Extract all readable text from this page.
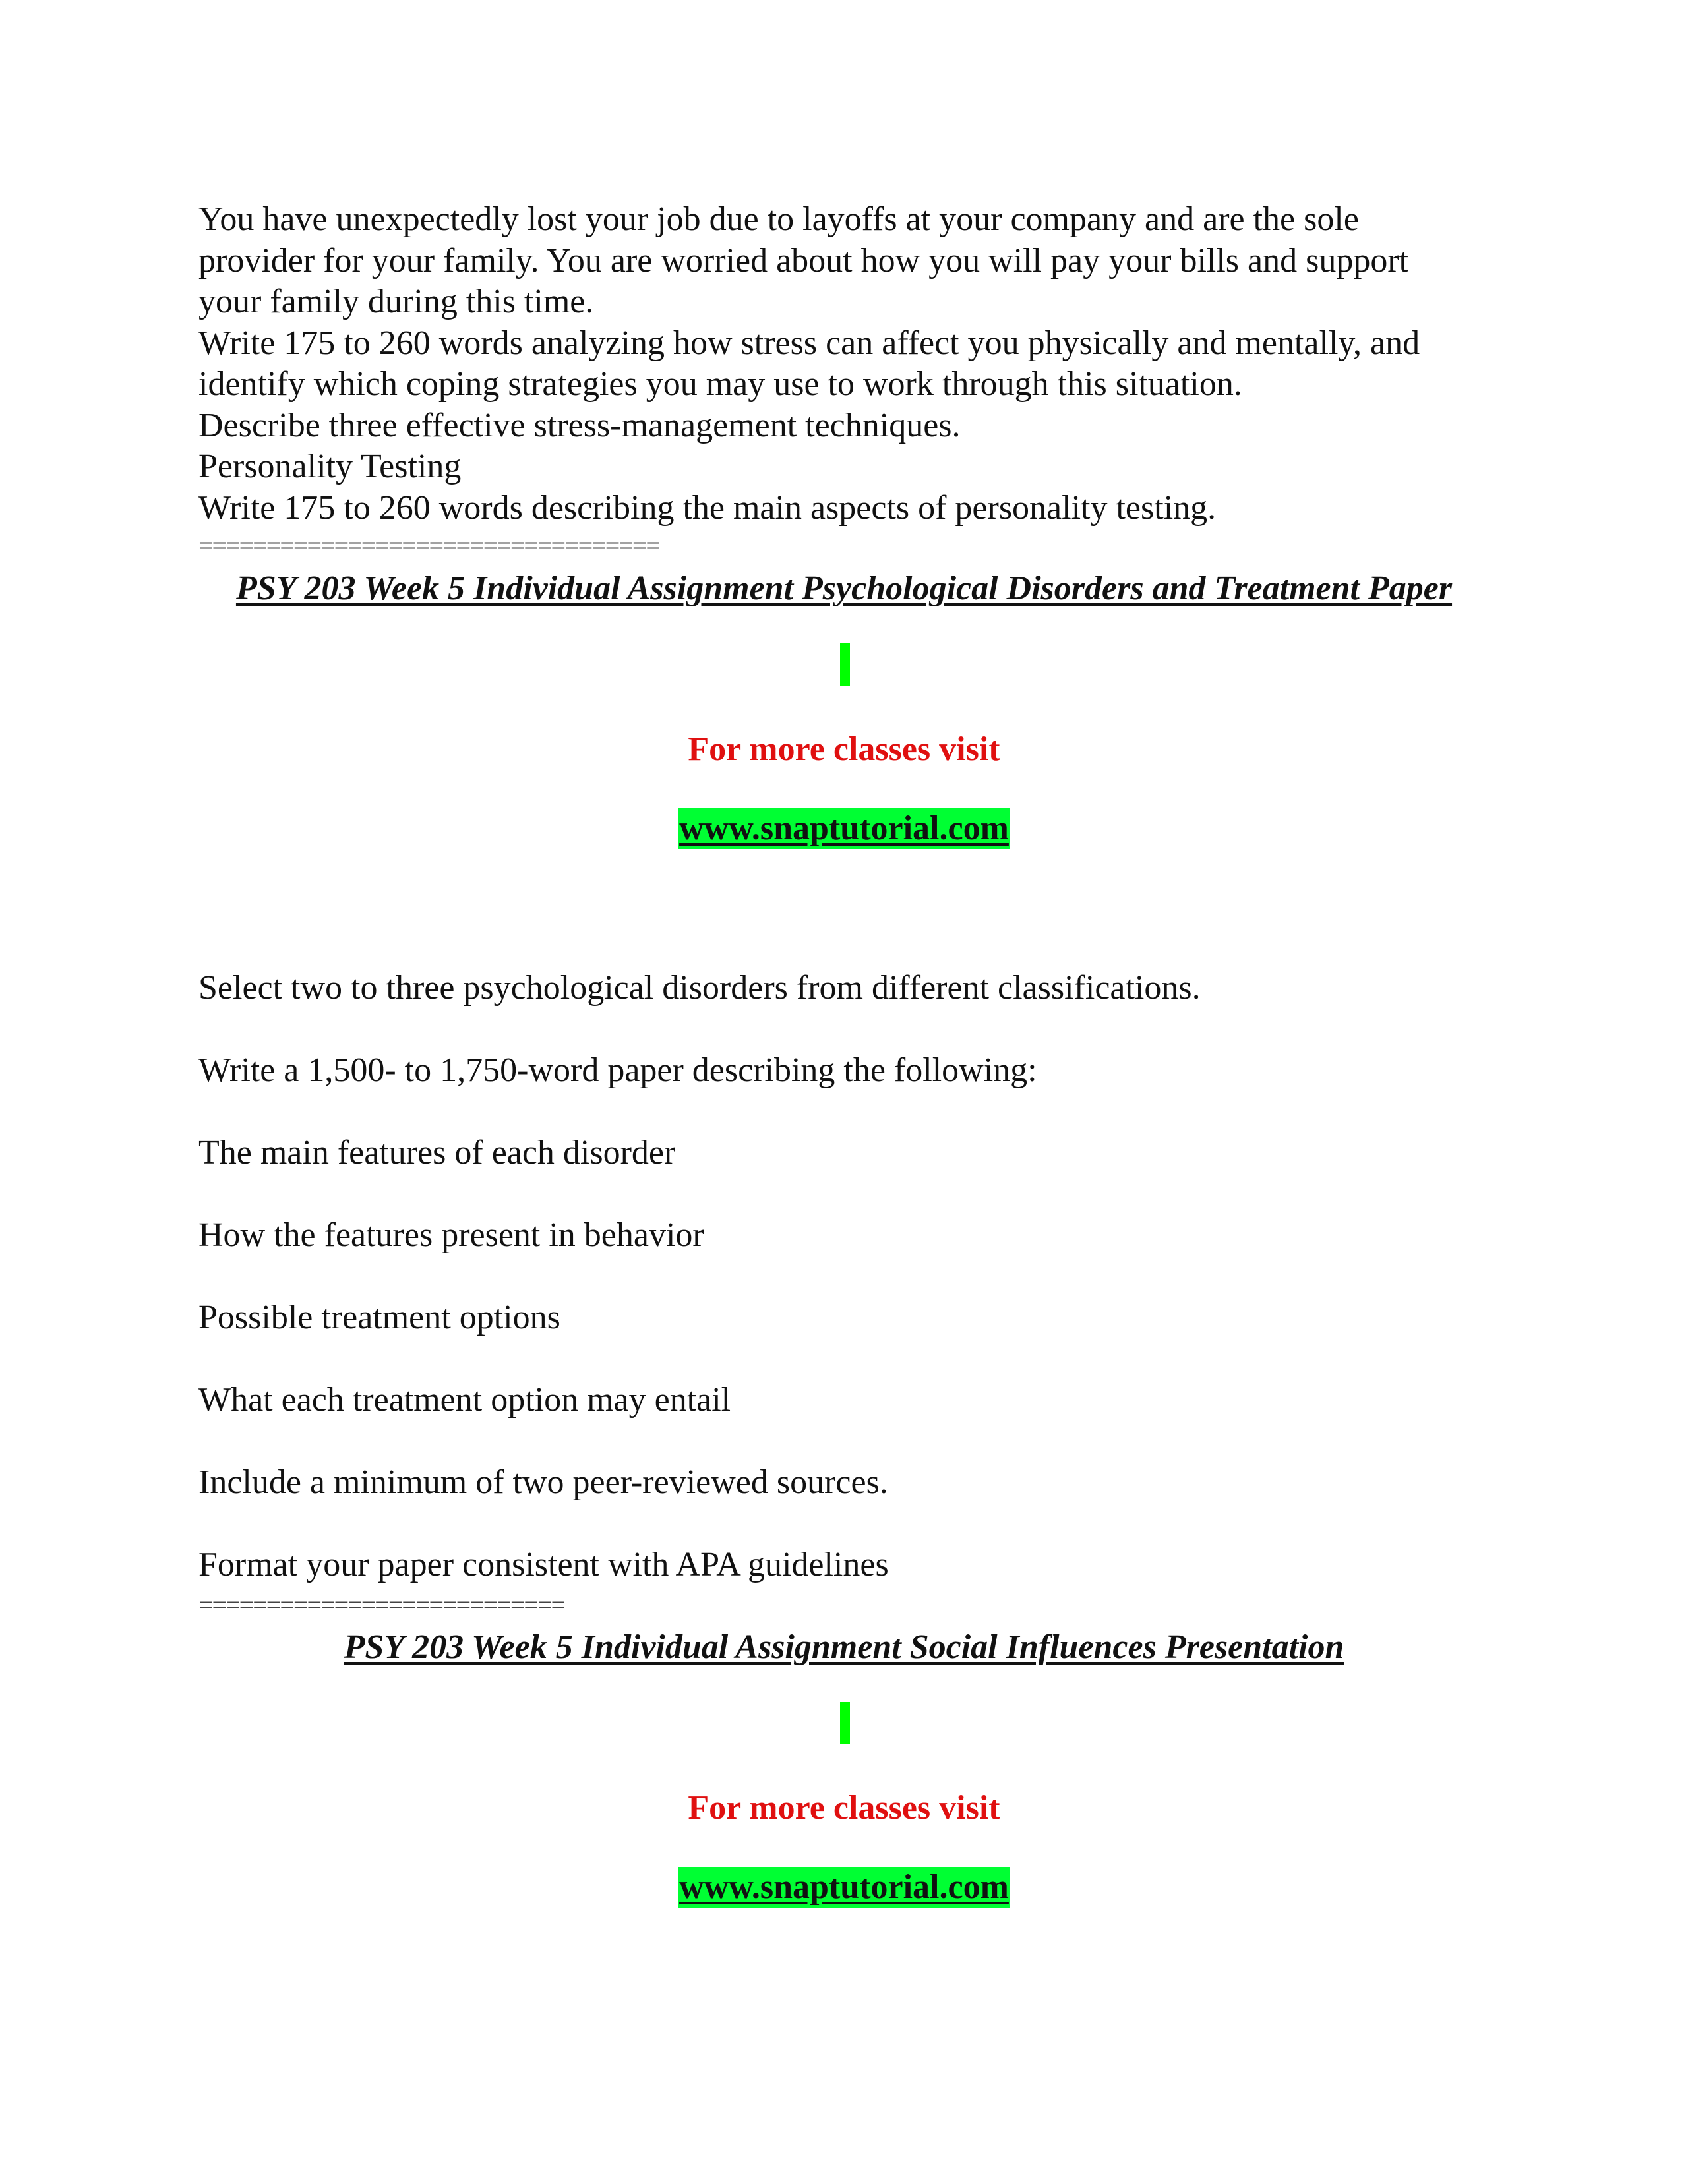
You have unexpectedly lost your job due to layoffs at your company and are the sole
provider for your family. You are worried about how you will pay your bills and support
your family during this time.
Write 175 to 260 words analyzing how stress can affect you physically and mentally, and
identify which coping strategies you may use to work through this situation.
Describe three effective stress-management techniques.
Personality Testing
Write 175 to 260 words describing the main aspects of personality testing.

==================================
PSY 203 Week 5 Individual Assignment Psychological Disorders and Treatment Paper
For more classes visit
www.snaptutorial.com
Select two to three psychological disorders from different classifications.
Write a 1,500- to 1,750-word paper describing the following:
The main features of each disorder
How the features present in behavior
Possible treatment options
What each treatment option may entail
Include a minimum of two peer-reviewed sources.
Format your paper consistent with APA guidelines
===========================
PSY 203 Week 5 Individual Assignment Social Influences Presentation
For more classes visit
www.snaptutorial.com
